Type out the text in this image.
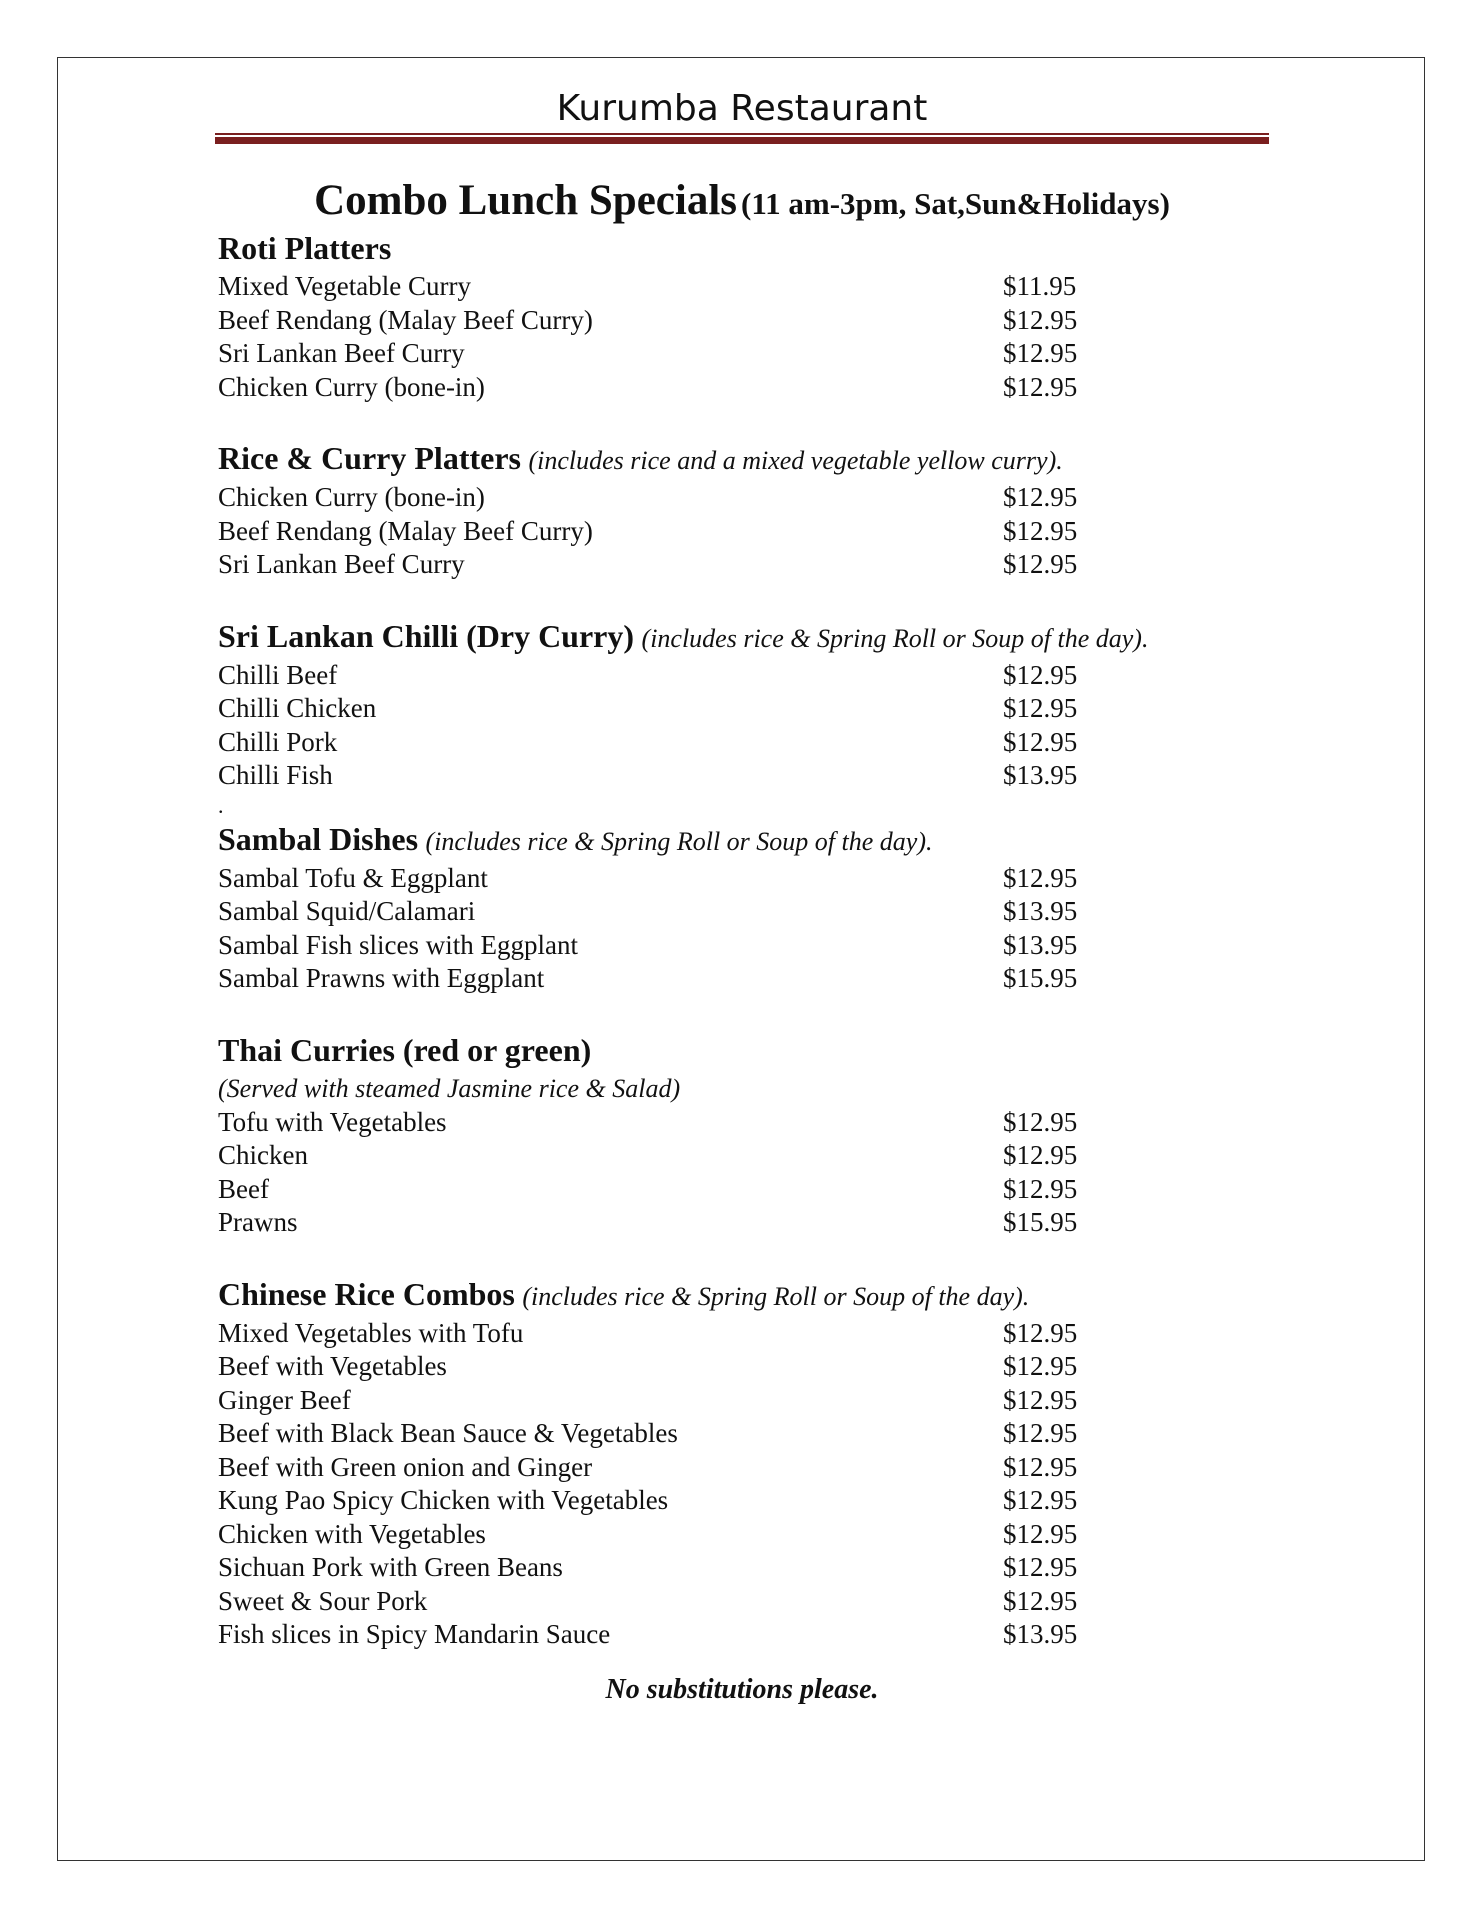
Kurumba Restaurant
Combo Lunch Specials (11 am-3pm, Sat,Sun&Holidays)
Roti Platters
Mixed Vegetable Curry	$11.95
Beef Rendang (Malay Beef Curry)	$12.95
Sri Lankan Beef Curry	$12.95
Chicken Curry (bone-in)	$12.95
Rice & Curry Platters (includes rice and a mixed vegetable yellow curry).
Chicken Curry (bone-in)	$12.95
Beef Rendang (Malay Beef Curry)	$12.95
Sri Lankan Beef Curry	$12.95
Sri Lankan Chilli (Dry Curry) (includes rice & Spring Roll or Soup of the day).
Chilli Beef	$12.95
Chilli Chicken	$12.95
Chilli Pork	$12.95
Chilli Fish	$13.95
.
Sambal Dishes (includes rice & Spring Roll or Soup of the day).
Sambal Tofu & Eggplant	$12.95
Sambal Squid/Calamari	$13.95
Sambal Fish slices with Eggplant	$13.95
Sambal Prawns with Eggplant	$15.95
Thai Curries (red or green)
(Served with steamed Jasmine rice & Salad)
Tofu with Vegetables	$12.95
Chicken	$12.95
Beef	$12.95
Prawns	$15.95
Chinese Rice Combos (includes rice & Spring Roll or Soup of the day).
Mixed Vegetables with Tofu	$12.95
Beef with Vegetables	$12.95
Ginger Beef	$12.95
Beef with Black Bean Sauce & Vegetables	$12.95
Beef with Green onion and Ginger	$12.95
Kung Pao Spicy Chicken with Vegetables	$12.95
Chicken with Vegetables	$12.95
Sichuan Pork with Green Beans	$12.95
Sweet & Sour Pork	$12.95
Fish slices in Spicy Mandarin Sauce	$13.95
No substitutions please.
